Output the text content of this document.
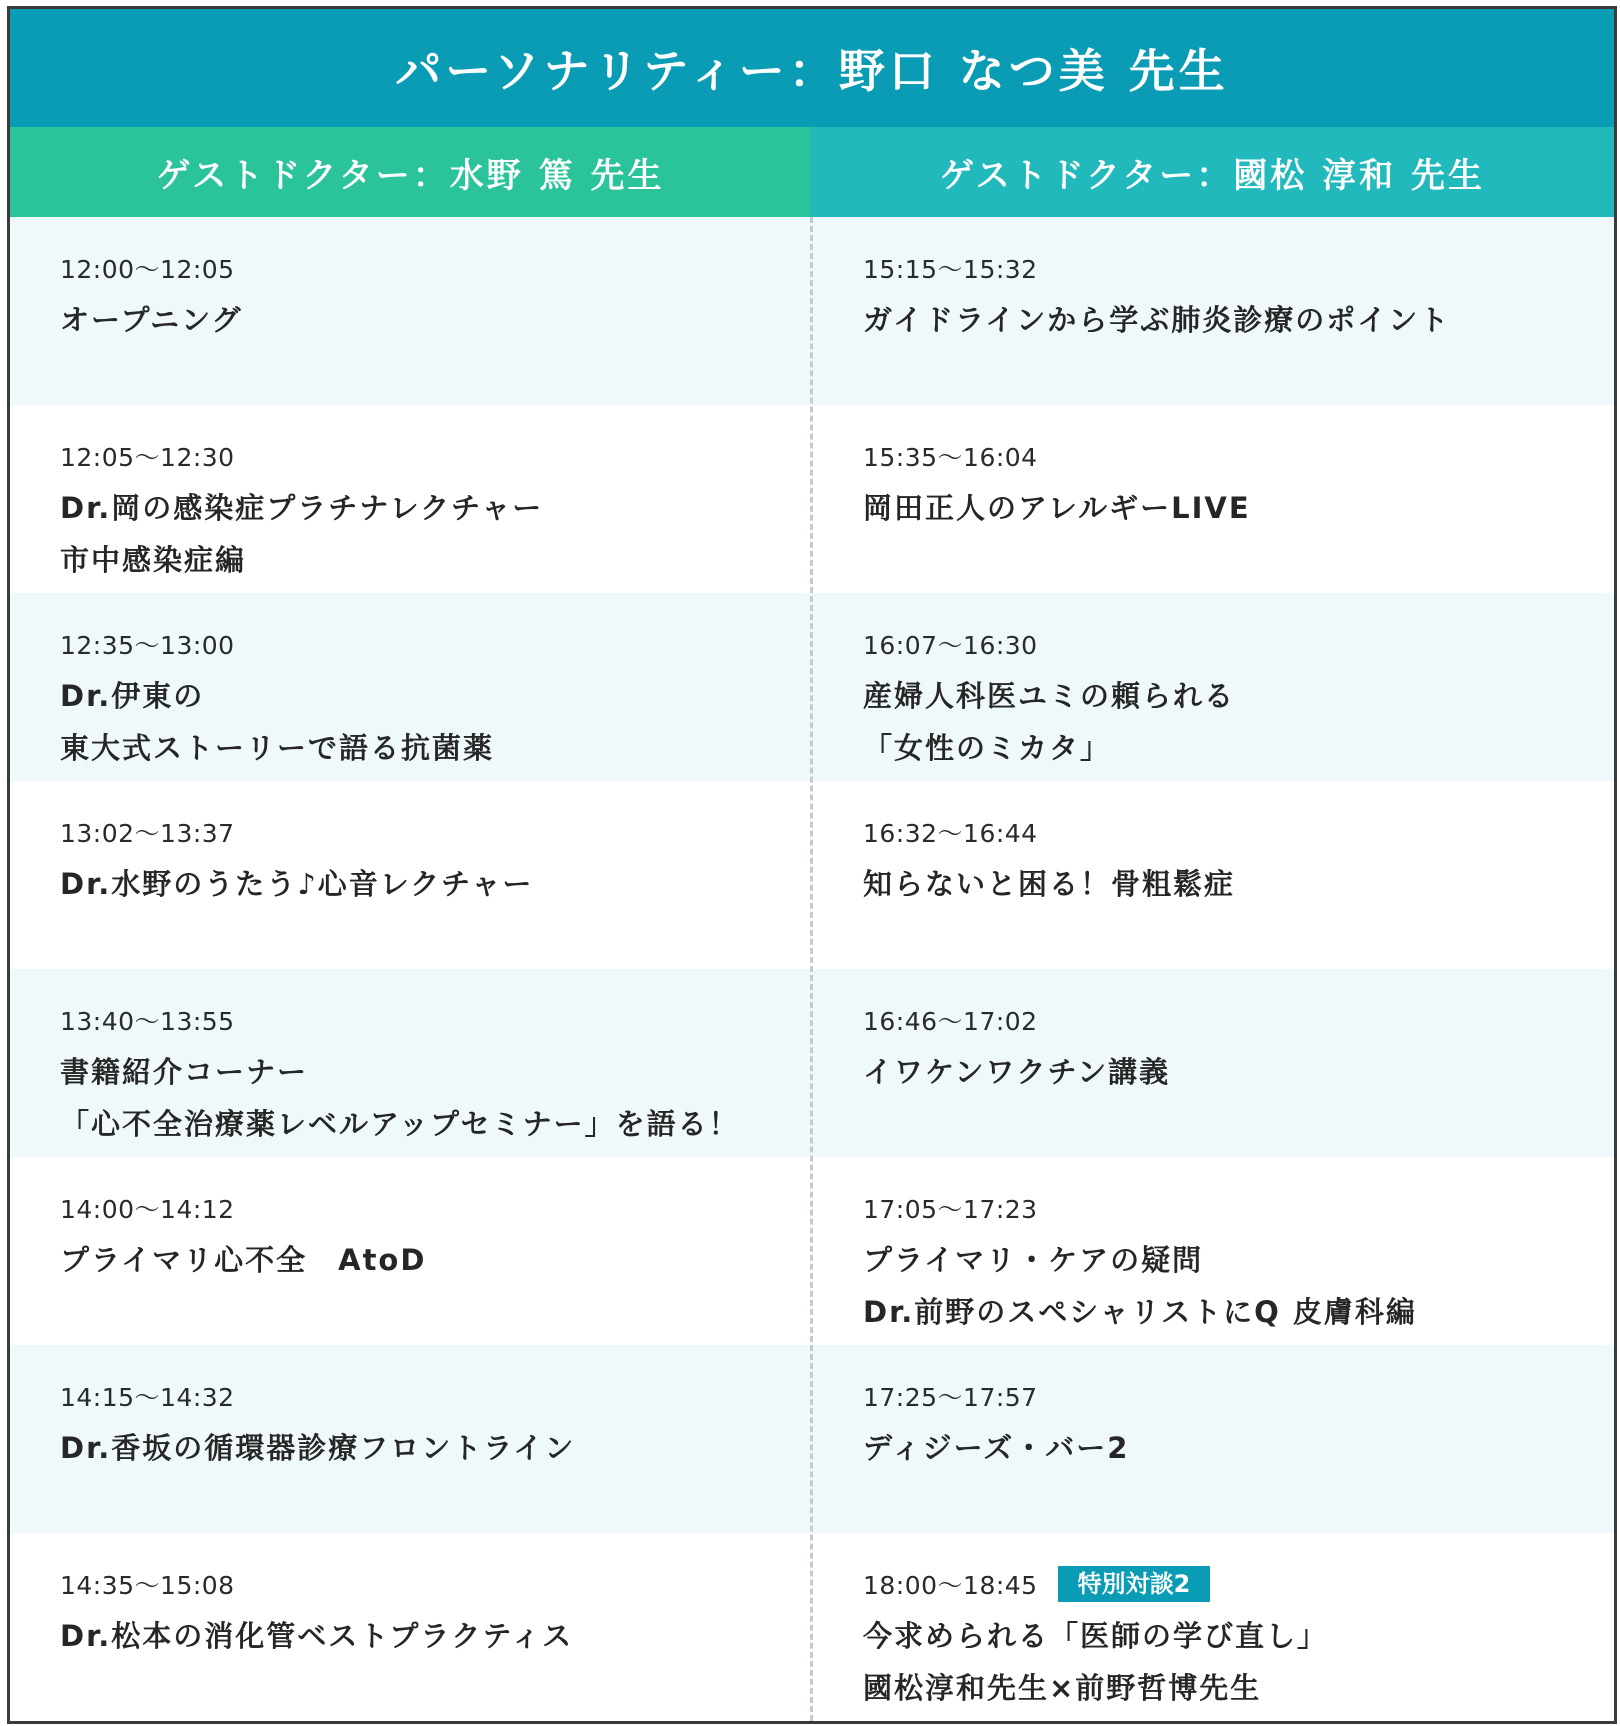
パーソナリティー：野口 なつ美 先生
ゲストドクター：水野 篤 先生	ゲストドクター：國松 淳和 先生
12:00〜12:05
オープニング
15:15〜15:32
ガイドラインから学ぶ肺炎診療のポイント
12:05〜12:30
Dr.岡の感染症プラチナレクチャー
市中感染症編
15:35〜16:04
岡田正人のアレルギーLIVE
12:35〜13:00
Dr.伊東の
東大式ストーリーで語る抗菌薬
16:07〜16:30
産婦人科医ユミの頼られる
「女性のミカタ」
13:02〜13:37
Dr.水野のうたう♪心音レクチャー
16:32〜16:44
知らないと困る！骨粗鬆症
13:40〜13:55
書籍紹介コーナー
「心不全治療薬レベルアップセミナー」を語る！
16:46〜17:02
イワケンワクチン講義
14:00〜14:12
プライマリ心不全　AtoD
17:05〜17:23
プライマリ・ケアの疑問
Dr.前野のスペシャリストにQ 皮膚科編
14:15〜14:32
Dr.香坂の循環器診療フロントライン
17:25〜17:57
ディジーズ・バー2
14:35〜15:08
Dr.松本の消化管ベストプラクティス
18:00〜18:45	特別対談2
今求められる「医師の学び直し」
國松淳和先生×前野哲博先生
